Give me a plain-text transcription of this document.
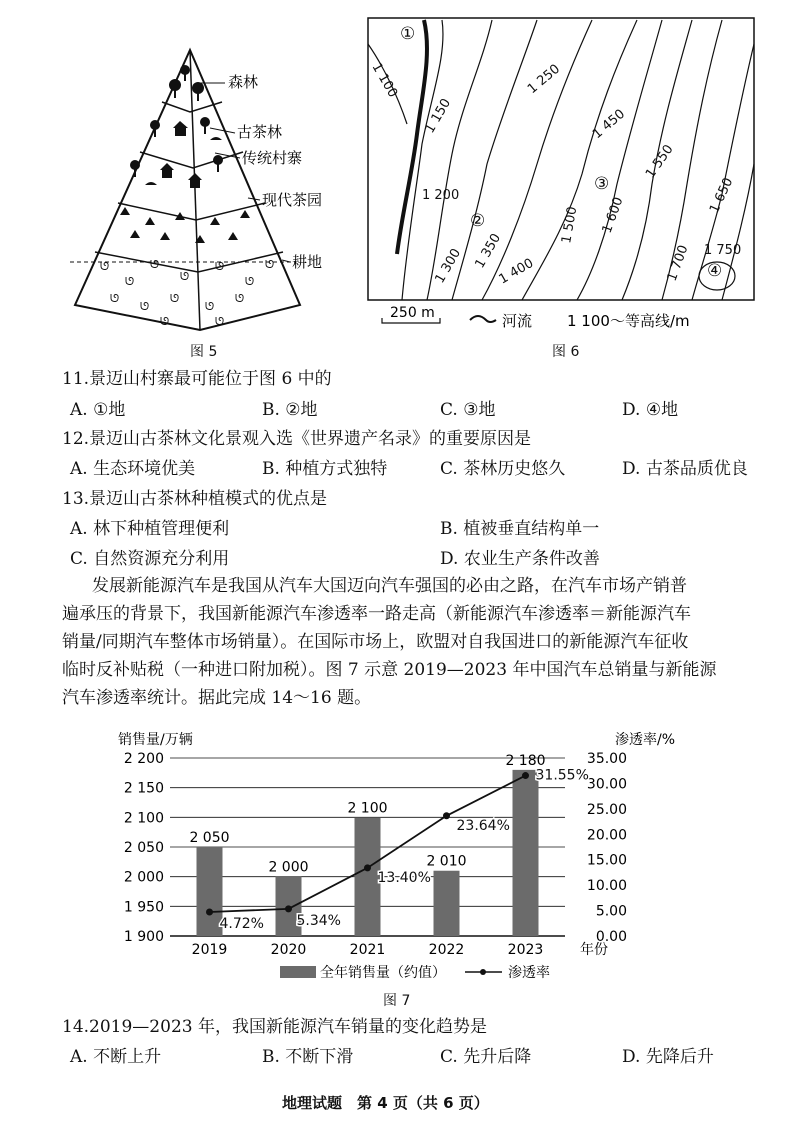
ᘎ
ᘎ
ᘎ
ᘎ
ᘎ
ᘎ
ᘎ
ᘎ
ᘎ
ᘎ
ᘎ
ᘎ
ᘎ	ᘎ
森林
古茶林
传统村寨
现代茶园
耕地
图 5
1 100
1 150
1 200
1 250
1 300 1 350
1 400
1 450
1 500
1 550
1 600	1 650
1 700 1 750
①
②
③
④
250 m	河流 1 100～等高线/m
图 6
11.景迈山村寨最可能位于图 6 中的
A. ①地	B. ②地	C. ③地	D. ④地
12.景迈山古茶林文化景观入选《世界遗产名录》的重要原因是
A. 生态环境优美	B. 种植方式独特	C. 茶林历史悠久	D. 古茶品质优良
13.景迈山古茶林种植模式的优点是
A. 林下种植管理便利	B. 植被垂直结构单一
C. 自然资源充分利用	D. 农业生产条件改善
发展新能源汽车是我国从汽车大国迈向汽车强国的必由之路，在汽车市场产销普
遍承压的背景下，我国新能源汽车渗透率一路走高（新能源汽车渗透率＝新能源汽车
销量/同期汽车整体市场销量）。在国际市场上，欧盟对自我国进口的新能源汽车征收
临时反补贴税（一种进口附加税）。图 7 示意 2019—2023 年中国汽车总销量与新能源
汽车渗透率统计。据此完成 14～16 题。
销售量/万辆	渗透率/%
2 200
2 150
2 100
2 050
2 000
1 950
1 900
35.00
30.00
25.00
20.00
15.00
10.00
5.00
0.00
2 050
2 000
2 100
2 010
2 180
4.72% 5.34%
13.40%
23.64%
31.55%
2019	2020	2021	2022	2023	年份
全年销售量（约值）	渗透率
图 7
14.2019—2023 年，我国新能源汽车销量的变化趋势是
A. 不断上升	B. 不断下滑	C. 先升后降	D. 先降后升
地理试题　第 4 页（共 6 页）
